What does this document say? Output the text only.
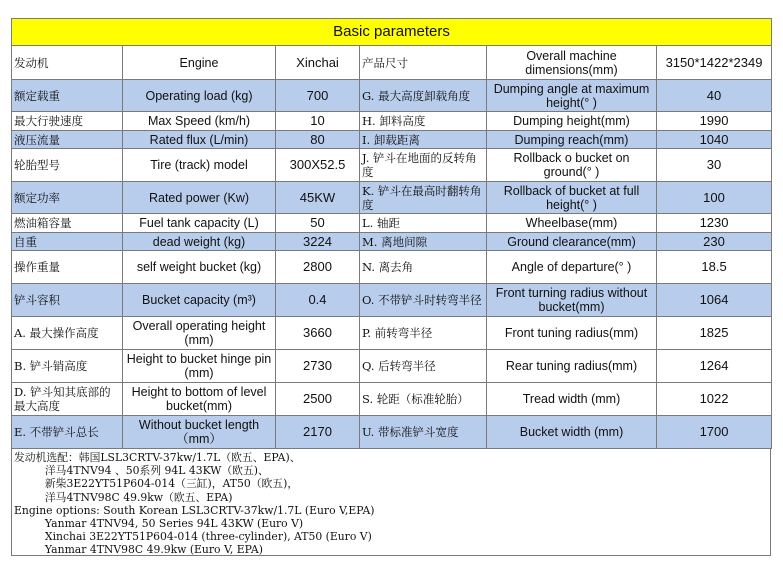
Basic parameters					
发动机	Engine	Xinchai	产品尺寸	Overall machine dimensions(mm)	3150*1422*2349
额定载重	Operating load (kg)	700	G. 最大高度卸载角度	Dumping angle at maximum height(° )	40
最大行驶速度	Max Speed (km/h)	10	H. 卸料高度	Dumping height(mm)	1990
液压流量	Rated flux (L/min)	80	I. 卸载距离	Dumping reach(mm)	1040
轮胎型号	Tire (track) model	300X52.5	J. 铲斗在地面的反转角度	Rollback o bucket on ground(° )	30
额定功率	Rated power (Kw)	45KW	K. 铲斗在最高时翻转角度	Rollback of bucket at full height(° )	100
燃油箱容量	Fuel tank capacity (L)	50	L. 轴距	Wheelbase(mm)	1230
自重	dead weight (kg)	3224	M. 离地间隙	Ground clearance(mm)	230
操作重量	self weight bucket (kg)	2800	N. 离去角	Angle of departure(° )	18.5
铲斗容积	Bucket capacity (m³)	0.4	O. 不带铲斗时转弯半径	Front turning radius without bucket(mm)	1064
A. 最大操作高度	Overall operating height (mm)	3660	P. 前转弯半径	Front tuning radius(mm)	1825
B. 铲斗销高度	Height to bucket hinge pin (mm)	2730	Q. 后转弯半径	Rear tuning radius(mm)	1264
D. 铲斗知其底部的最大高度	Height to bottom of level bucket(mm)	2500	S. 轮距（标准轮胎）	Tread width (mm)	1022
E. 不带铲斗总长	Without bucket length（mm）	2170	U. 带标准铲斗宽度	Bucket width (mm)	1700
发动机选配：韩国LSL3CRTV-37kw/1.7L（欧五、EPA)、
洋马4TNV94 、50系列 94L 43KW（欧五)、
新柴3E22YT51P604-014（三缸)，AT50（欧五)，
洋马4TNV98C 49.9kw（欧五、EPA)
Engine options: South Korean LSL3CRTV-37kw/1.7L (Euro V,EPA)
Yanmar 4TNV94, 50 Series 94L 43KW (Euro V)
Xinchai 3E22YT51P604-014 (three-cylinder), AT50 (Euro V)
Yanmar 4TNV98C 49.9kw (Euro V, EPA)
